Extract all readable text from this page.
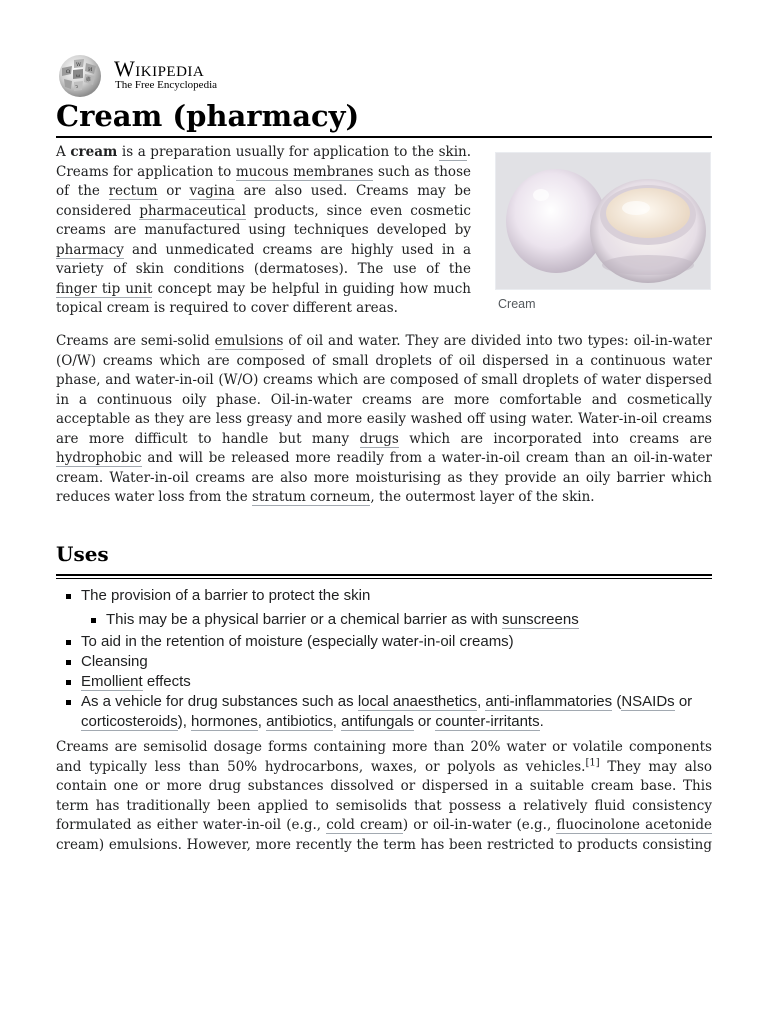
Ω
W
И
ω
維
ว
Wikipedia
The Free Encyclopedia
Cream (pharmacy)
Cream

A cream is a preparation usually for application to the skin. Creams for application to mucous membranes such as those of the rectum or vagina are also used. Creams may be considered pharmaceutical products, since even cosmetic creams are manufactured using techniques developed by pharmacy and unmedicated creams are highly used in a variety of skin conditions (dermatoses). The use of the finger tip unit concept may be helpful in guiding how much topical cream is required to cover different areas.

Creams are semi-solid emulsions of oil and water. They are divided into two types: oil-in-water (O/W) creams which are composed of small droplets of oil dispersed in a continuous water phase, and water-in-oil (W/O) creams which are composed of small droplets of water dispersed in a continuous oily phase. Oil-in-water creams are more comfortable and cosmetically acceptable as they are less greasy and more easily washed off using water. Water-in-oil creams are more difficult to handle but many drugs which are incorporated into creams are hydrophobic and will be released more readily from a water-in-oil cream than an oil-in-water cream. Water-in-oil creams are also more moisturising as they provide an oily barrier which reduces water loss from the stratum corneum, the outermost layer of the skin.

Uses
The provision of a barrier to protect the skin
This may be a physical barrier or a chemical barrier as with sunscreens
To aid in the retention of moisture (especially water-in-oil creams)
Cleansing
Emollient effects
As a vehicle for drug substances such as local anaesthetics, anti-inflammatories (NSAIDs or corticosteroids), hormones, antibiotics, antifungals or counter-irritants.

Creams are semisolid dosage forms containing more than 20% water or volatile components and typically less than 50% hydrocarbons, waxes, or polyols as vehicles.[1] They may also contain one or more drug substances dissolved or dispersed in a suitable cream base. This term has traditionally been applied to semisolids that possess a relatively fluid consistency formulated as either water-in-oil (e.g., cold cream) or oil-in-water (e.g., fluocinolone acetonide cream) emulsions. However, more recently the term has been restricted to products consisting
